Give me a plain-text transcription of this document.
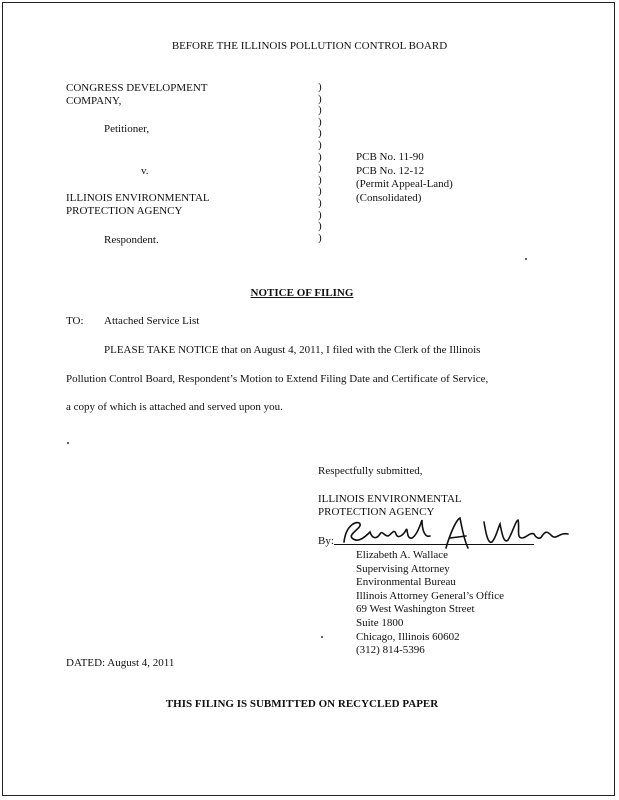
BEFORE THE ILLINOIS POLLUTION CONTROL BOARD
CONGRESS DEVELOPMENT
COMPANY,
Petitioner,
v.
ILLINOIS ENVIRONMENTAL
PROTECTION AGENCY
Respondent.
)
)
)
)
)
)
)
)
)
)
)
)
)
)
PCB No. 11-90
PCB No. 12-12
(Permit Appeal-Land)
(Consolidated)
NOTICE OF FILING
TO: Attached Service List
PLEASE TAKE NOTICE that on August 4, 2011, I filed with the Clerk of the Illinois
Pollution Control Board, Respondent’s Motion to Extend Filing Date and Certificate of Service,
a copy of which is attached and served upon you.
Respectfully submitted,
ILLINOIS ENVIRONMENTAL
PROTECTION AGENCY
By:
Elizabeth A. Wallace
Supervising Attorney
Environmental Bureau
Illinois Attorney General’s Office
69 West Washington Street
Suite 1800
Chicago, Illinois 60602
(312) 814-5396
DATED: August 4, 2011
THIS FILING IS SUBMITTED ON RECYCLED PAPER
